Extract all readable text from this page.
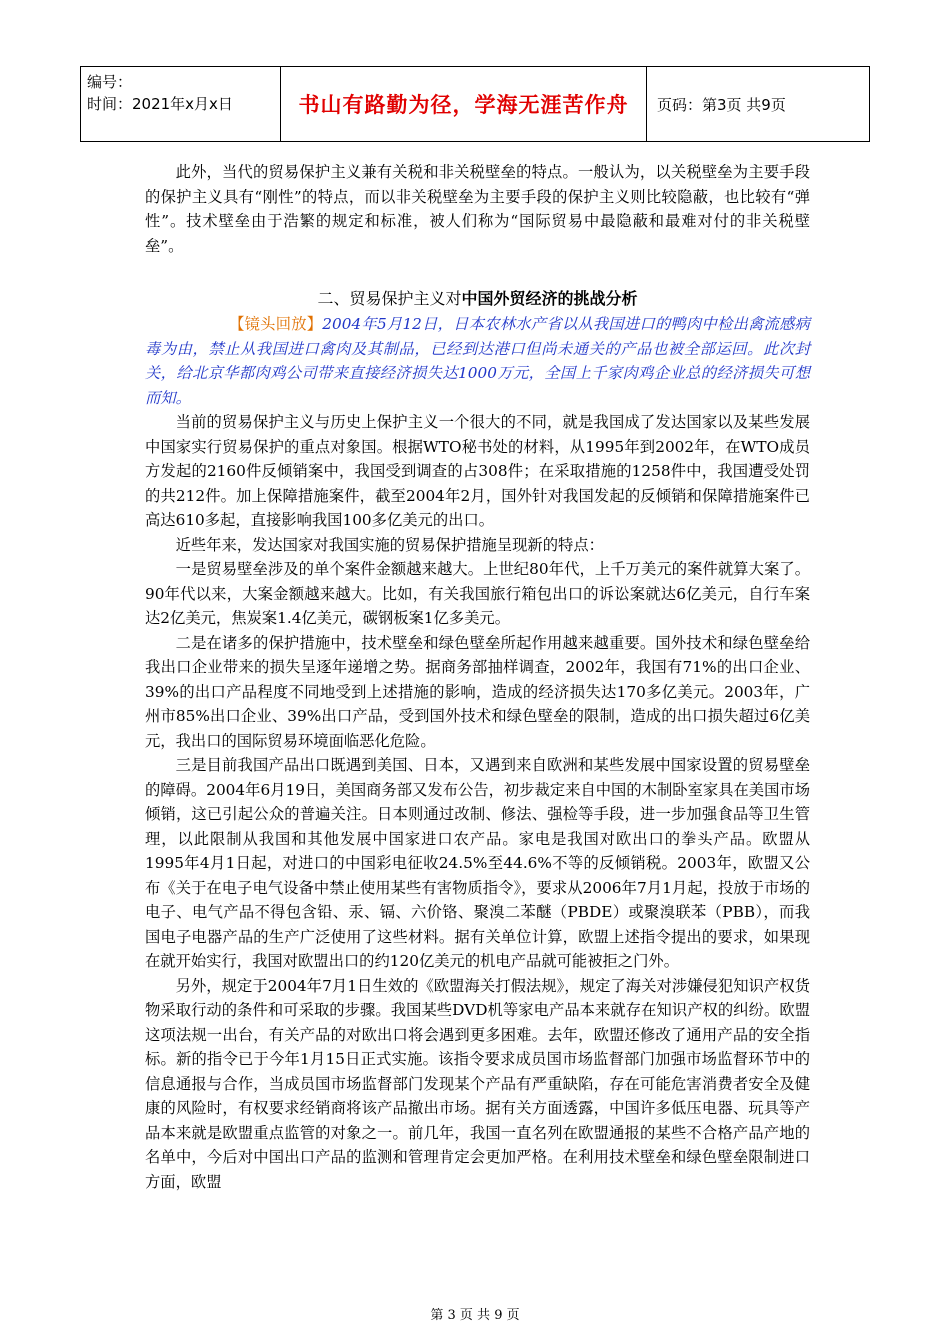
编号：
时间：2021年x月x日	书山有路勤为径，学海无涯苦作舟	页码：第3页 共9页

此外，当代的贸易保护主义兼有关税和非关税壁垒的特点。一般认为，以关税壁垒为主要手段的保护主义具有“刚性”的特点，而以非关税壁垒为主要手段的保护主义则比较隐蔽，也比较有“弹性”。技术壁垒由于浩繁的规定和标准，被人们称为“国际贸易中最隐蔽和最难对付的非关税壁垒”。

二、贸易保护主义对中国外贸经济的挑战分析

【镜头回放】2004年5月12日，日本农林水产省以从我国进口的鸭肉中检出禽流感病毒为由，禁止从我国进口禽肉及其制品，已经到达港口但尚未通关的产品也被全部运回。此次封关，给北京华都肉鸡公司带来直接经济损失达1000万元，全国上千家肉鸡企业总的经济损失可想而知。

当前的贸易保护主义与历史上保护主义一个很大的不同，就是我国成了发达国家以及某些发展中国家实行贸易保护的重点对象国。根据WTO秘书处的材料，从1995年到2002年，在WTO成员方发起的2160件反倾销案中，我国受到调查的占308件；在采取措施的1258件中，我国遭受处罚的共212件。加上保障措施案件，截至2004年2月，国外针对我国发起的反倾销和保障措施案件已高达610多起，直接影响我国100多亿美元的出口。

近些年来，发达国家对我国实施的贸易保护措施呈现新的特点：

一是贸易壁垒涉及的单个案件金额越来越大。上世纪80年代，上千万美元的案件就算大案了。90年代以来，大案金额越来越大。比如，有关我国旅行箱包出口的诉讼案就达6亿美元，自行车案达2亿美元，焦炭案1.4亿美元，碳钢板案1亿多美元。

二是在诸多的保护措施中，技术壁垒和绿色壁垒所起作用越来越重要。国外技术和绿色壁垒给我出口企业带来的损失呈逐年递增之势。据商务部抽样调查，2002年，我国有71%的出口企业、39%的出口产品程度不同地受到上述措施的影响，造成的经济损失达170多亿美元。2003年，广州市85%出口企业、39%出口产品，受到国外技术和绿色壁垒的限制，造成的出口损失超过6亿美元，我出口的国际贸易环境面临恶化危险。

三是目前我国产品出口既遇到美国、日本，又遇到来自欧洲和某些发展中国家设置的贸易壁垒的障碍。2004年6月19日，美国商务部又发布公告，初步裁定来自中国的木制卧室家具在美国市场倾销，这已引起公众的普遍关注。日本则通过改制、修法、强检等手段，进一步加强食品等卫生管理，以此限制从我国和其他发展中国家进口农产品。家电是我国对欧出口的拳头产品。欧盟从1995年4月1日起，对进口的中国彩电征收24.5%至44.6%不等的反倾销税。2003年，欧盟又公布《关于在电子电气设备中禁止使用某些有害物质指令》，要求从2006年7月1月起，投放于市场的电子、电气产品不得包含铅、汞、镉、六价铬、聚溴二苯醚（PBDE）或聚溴联苯（PBB），而我国电子电器产品的生产广泛使用了这些材料。据有关单位计算，欧盟上述指令提出的要求，如果现在就开始实行，我国对欧盟出口的约120亿美元的机电产品就可能被拒之门外。

另外，规定于2004年7月1日生效的《欧盟海关打假法规》，规定了海关对涉嫌侵犯知识产权货物采取行动的条件和可采取的步骤。我国某些DVD机等家电产品本来就存在知识产权的纠纷。欧盟这项法规一出台，有关产品的对欧出口将会遇到更多困难。去年，欧盟还修改了通用产品的安全指标。新的指令已于今年1月15日正式实施。该指令要求成员国市场监督部门加强市场监督环节中的信息通报与合作，当成员国市场监督部门发现某个产品有严重缺陷，存在可能危害消费者安全及健康的风险时，有权要求经销商将该产品撤出市场。据有关方面透露，中国许多低压电器、玩具等产品本来就是欧盟重点监管的对象之一。前几年，我国一直名列在欧盟通报的某些不合格产品产地的名单中，今后对中国出口产品的监测和管理肯定会更加严格。在利用技术壁垒和绿色壁垒限制进口方面，欧盟

第 3 页 共 9 页
